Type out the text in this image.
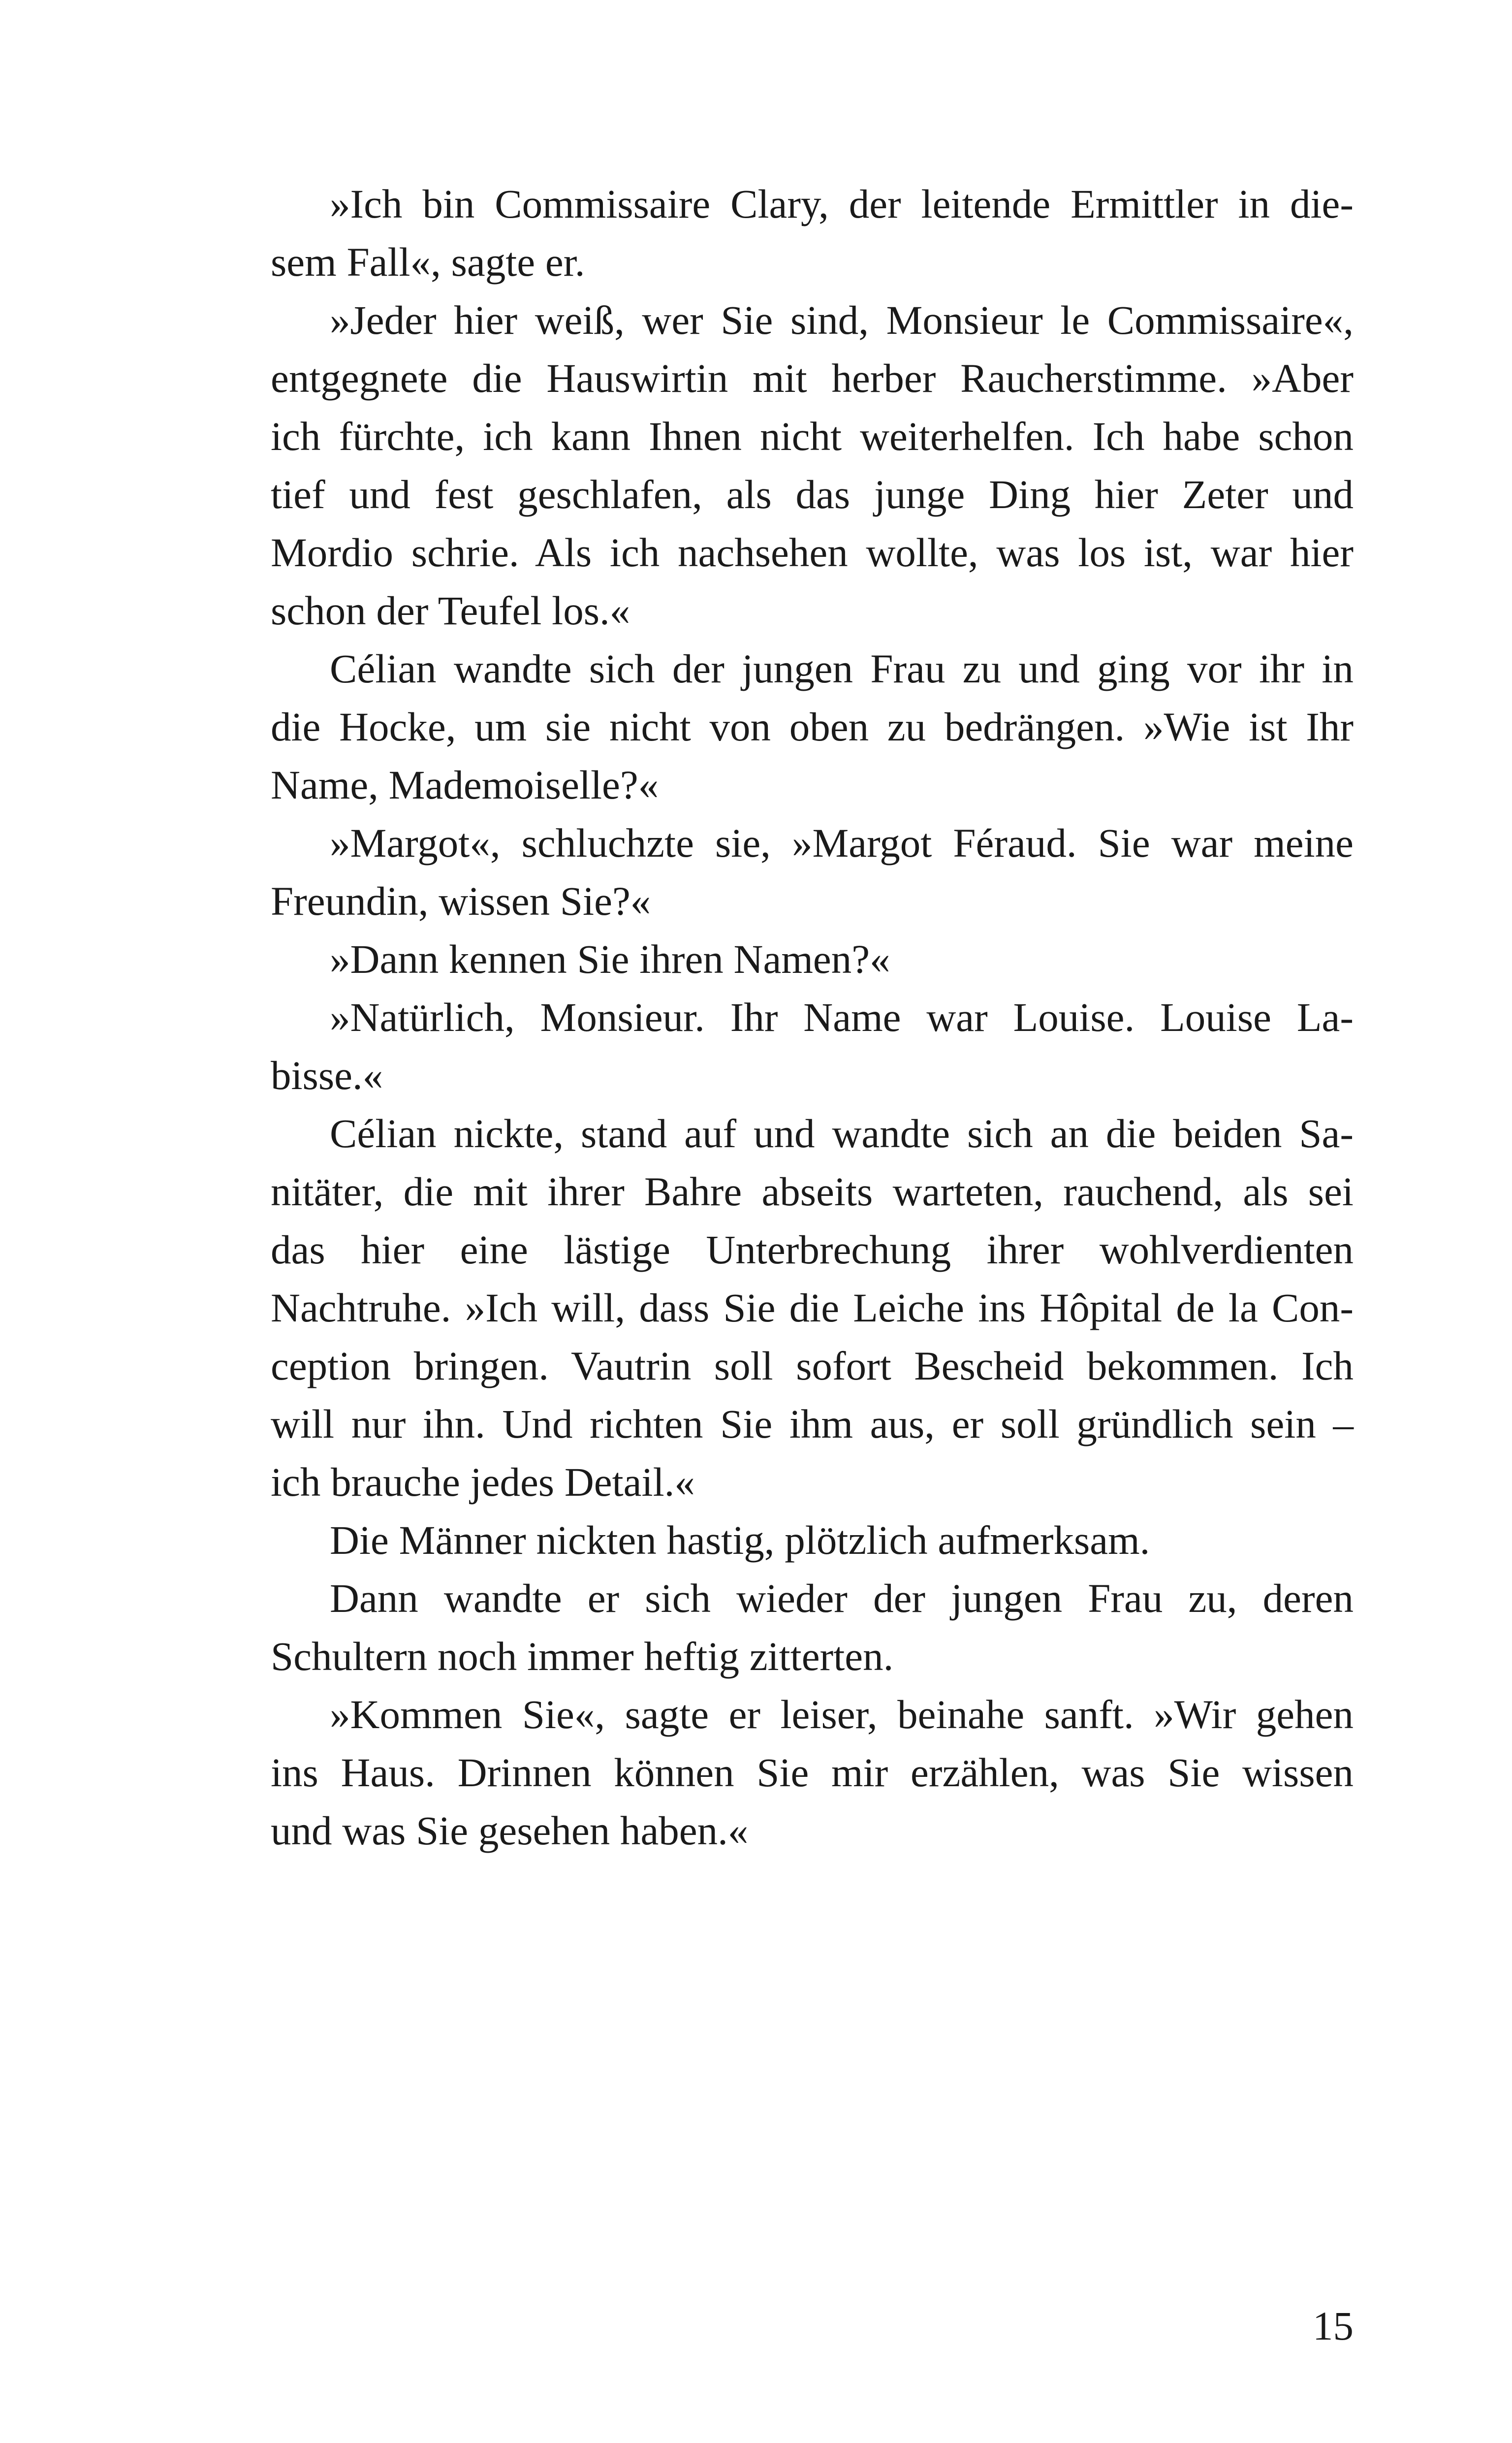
»Ich bin Commissaire Clary, der leitende Ermittler in die-
sem Fall«, sagte er.
»Jeder hier weiß, wer Sie sind, Monsieur le Commissaire«,
entgegnete die Hauswirtin mit herber Raucherstimme. »Aber
ich fürchte, ich kann Ihnen nicht weiterhelfen. Ich habe schon
tief und fest geschlafen, als das junge Ding hier Zeter und
Mordio schrie. Als ich nachsehen wollte, was los ist, war hier
schon der Teufel los.«
Célian wandte sich der jungen Frau zu und ging vor ihr in
die Hocke, um sie nicht von oben zu bedrängen. »Wie ist Ihr
Name, Mademoiselle?«
»Margot«, schluchzte sie, »Margot Féraud. Sie war meine
Freundin, wissen Sie?«
»Dann kennen Sie ihren Namen?«
»Natürlich, Monsieur. Ihr Name war Louise. Louise La-
bisse.«
Célian nickte, stand auf und wandte sich an die beiden Sa-
nitäter, die mit ihrer Bahre abseits warteten, rauchend, als sei
das hier eine lästige Unterbrechung ihrer wohlverdienten
Nachtruhe. »Ich will, dass Sie die Leiche ins Hôpital de la Con-
ception bringen. Vautrin soll sofort Bescheid bekommen. Ich
will nur ihn. Und richten Sie ihm aus, er soll gründlich sein –
ich brauche jedes Detail.«
Die Männer nickten hastig, plötzlich aufmerksam.
Dann wandte er sich wieder der jungen Frau zu, deren
Schultern noch immer heftig zitterten.
»Kommen Sie«, sagte er leiser, beinahe sanft. »Wir gehen
ins Haus. Drinnen können Sie mir erzählen, was Sie wissen
und was Sie gesehen haben.«
15
